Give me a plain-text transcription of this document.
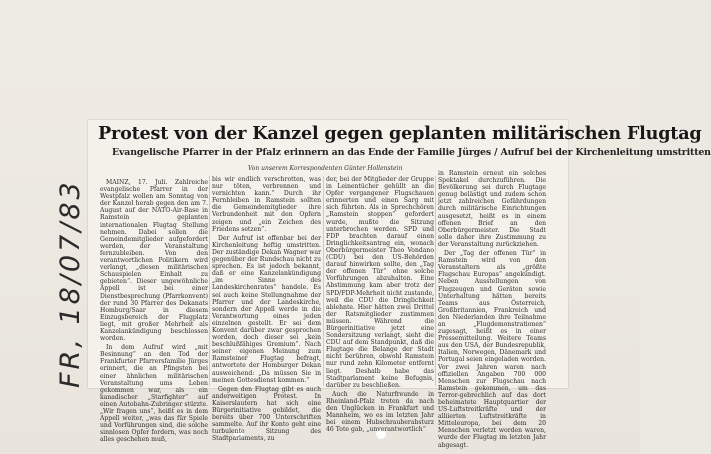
FR, 18/07/83
Protest von der Kanzel gegen geplanten militärischen Flugtag
Evangelische Pfarrer in der Pfalz erinnern an das Ende der Familie Jürges / Aufruf bei der Kirchenleitung umstritten
Von unserem Korrespondenten Günter Hollenstein

MAINZ, 17. Juli. Zahlreiche evangelische Pfarrer in der Westpfalz wollen am Sonntag von der Kanzel herab gegen den am 7. August auf der NATO-Air-Base in Ramstein geplanten internationalen Flugtag Stellung nehmen. Dabei sollen die Gemeindemitglieder aufgefordert werden, der Veranstaltung fernzubleiben. Von den verantwortlichen Politikern wird verlangt, „diesen militärischen Schauspielen Einhalt zu gebieten“. Dieser ungewöhnliche Appell ist bei einer Dienstbesprechung (Pfarrkonvent) der rund 30 Pfarrer des Dekanats Homburg/Saar in diesem Einzugsbereich der Flugplatz liegt, mit großer Mehrheit als Kanzelankündigung beschlossen worden.

In dem Aufruf wird „mit Besinnung“ an den Tod der Frankfurter Pfarrersfamilie Jürges erinnert, die an Pfingsten bei einer ähnlichen militärischen Veranstaltung ums Leben gekommen war, als ein kanadischer „Starfighter“ auf einen Autobahn-Zubringer stürzte. „Wir fragen uns“, heißt es in dem Appell weiter, „was das für Spiele und Vorführungen sind, die solche sinnlosen Opfer fordern, was noch alles geschehen muß,

bis wir endlich verschrotten, was nur töten, verbrennen und vernichten kann.“ Durch ihr Fernbleiben in Ramstein sollten die Gemeindemitglieder ihre Verbundenheit mit den Opfern zeigen und „ein Zeichen des Friedens setzen“.

Der Aufruf ist offenbar bei der Kirchenleitung heftig umstritten. Der zuständige Dekan Wagner war gegenüber der Rundschau nicht zu sprechen. Es ist jedoch bekannt, daß er eine Kanzelankündigung „im Sinne des Landeskirchenrates“ handele. Es sei auch keine Stellungnahme der Pfarrer und der Landeskirche, sondern der Appell werde in die Verantwortung eines jeden einzelnen gestellt. Er sei dem Konvent darüber zwar gesprochen worden, doch dieser sei „kein beschlußfähiges Gremium“. Nach seiner eigenen Meinung zum Ramsteiner Flugtag befragt, antwortete der Homburger Dekan ausweichend: „Da müssen Sie in meinen Gottesdienst kommen.“

Gegen den Flugtag gibt es auch anderweitigen Protest. In Kaiserslautern hat sich eine Bürgerinitiative gebildet, die bereits über 700 Unterschriften sammelte. Auf ihr Konto geht eine turbulente Sitzung des Stadtparlaments, zu

der, bei der Mitglieder der Gruppe in Leinentücher gehüllt an die Opfer vergangener Flugschauen erinnerten und einen Sarg mit sich führten. Als in Sprechchören „Ramstein stoppen“ gefordert wurde, mußte die Sitzung unterbrochen werden. SPD und FDP brachten darauf einen Dringlichkeitsantrag ein, wonach Oberbürgermeister Theo Vondano (CDU) bei den US-Behörden darauf hinwirken sollte, den „Tag der offenen Tür“ ohne solche Vorführungen abzuhalten. Eine Abstimmung kam aber trotz der SPD/FDP-Mehrheit nicht zustande, weil die CDU die Dringlichkeit ablehnte. Hier hätten zwei Drittel der Ratsmitglieder zustimmen müssen. Während die Bürgerinitiative jetzt eine Sondersitzung verlangt, sieht die CDU auf dem Standpunkt, daß die Flugtage die Belange der Stadt nicht berühren, obwohl Ramstein nur rund zehn Kilometer entfernt liegt. Deshalb habe das Stadtparlament keine Befugnis, darüber zu beschließen.

Auch die Naturfreunde in Rheinland-Pfalz treten da nach den Unglücken in Frankfurt und Mannheim, wo es im letzten Jahr bei einem Hubschrauberabsturz 46 Tote gab, „unverantwortlich“

in Ramstein erneut ein solches Spektakel durchzuführen. Die Bevölkerung sei durch Flugtage genug belästigt und zudem schon jetzt zahlreichen Gefährdungen durch militärische Einrichtungen ausgesetzt, heißt es in einem offenen Brief an den Oberbürgermeister. Die Stadt solle daher ihre Zustimmung zu der Veranstaltung zurückziehen.

Der „Tag der offenen Tür“ in Ramstein wird von den Veranstaltern als „größte Flugschau Europas“ angekündigt. Neben Ausstellungen von Flugzeugen und Geräten sowie Unterhaltung hätten bereits Teams aus Österreich, Großbritannien, Frankreich und den Niederlanden ihre Teilnahme an „Flugdemonstrationen“ zugesagt, heißt es in einer Pressemitteilung. Weitere Teams aus den USA, der Bundesrepublik, Italien, Norwegen, Dänemark und Portugal seien eingeladen worden. Vor zwei Jahren waren nach offiziellen Angaben 700 000 Menschen zur Flugschau nach Ramstein gekommen, um das Terror-gebrechlich auf das dort beheimatete Hauptquartier der US-Luftstreitkräfte und der alliierten Luftstreitkräfte in Mitteleuropa, bei dem 20 Menschen verletzt worden waren, wurde der Flugtag im letzten Jahr abgesagt.
